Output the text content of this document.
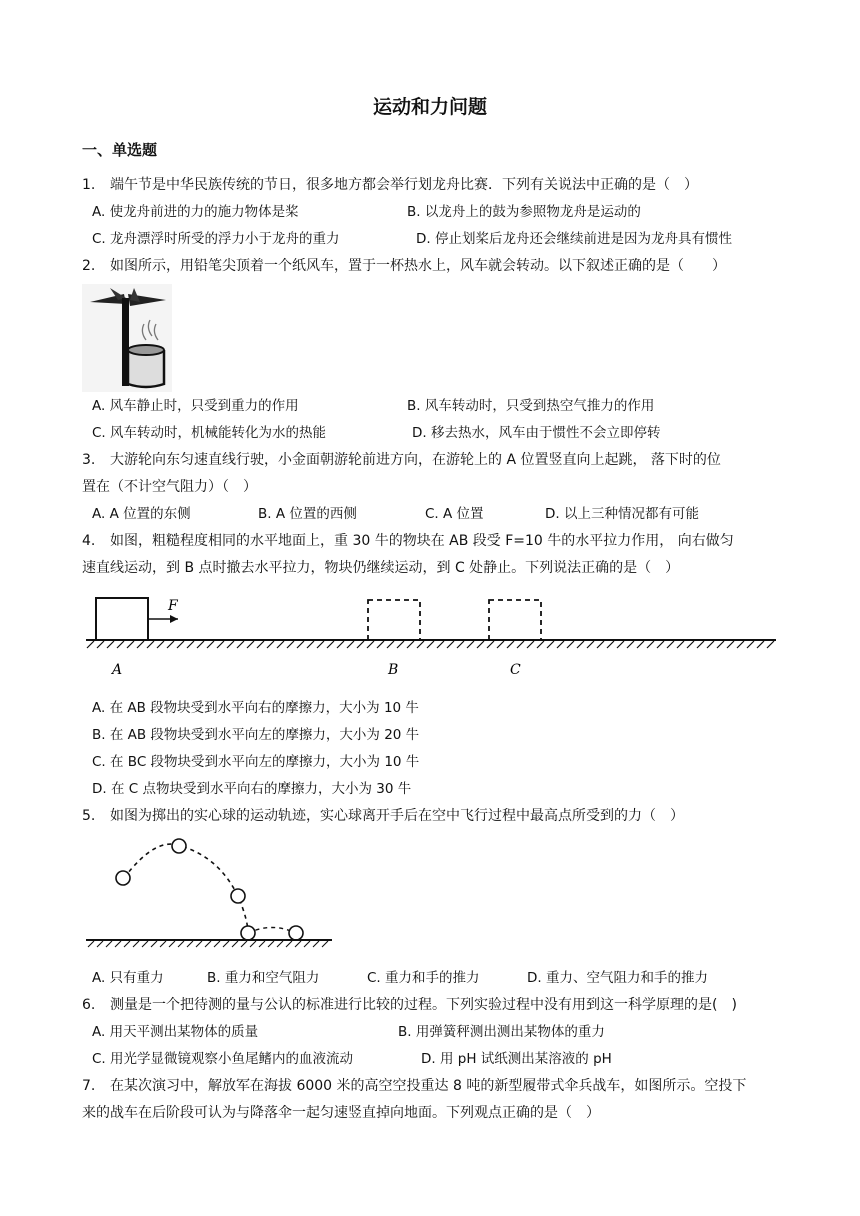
运动和力问题
一、单选题
1. 端午节是中华民族传统的节日，很多地方都会举行划龙舟比赛．下列有关说法中正确的是（　）
A. 使龙舟前进的力的施力物体是桨	B. 以龙舟上的鼓为参照物龙舟是运动的
C. 龙舟漂浮时所受的浮力小于龙舟的重力	D. 停止划桨后龙舟还会继续前进是因为龙舟具有惯性
2. 如图所示，用铅笔尖顶着一个纸风车，置于一杯热水上，风车就会转动。以下叙述正确的是（　　）
A. 风车静止时，只受到重力的作用	B. 风车转动时，只受到热空气推力的作用
C. 风车转动时，机械能转化为水的热能	D. 移去热水，风车由于惯性不会立即停转
3. 大游轮向东匀速直线行驶，小金面朝游轮前进方向，在游轮上的 A 位置竖直向上起跳， 落下时的位
置在（不计空气阻力）（　）
A. A 位置的东侧	B. A 位置的西侧	C. A 位置	D. 以上三种情况都有可能
4. 如图，粗糙程度相同的水平地面上，重 30 牛的物块在 AB 段受 F=10 牛的水平拉力作用， 向右做匀
速直线运动，到 B 点时撤去水平拉力，物块仍继续运动，到 C 处静止。下列说法正确的是（　）
F
A	B	C
A. 在 AB 段物块受到水平向右的摩擦力，大小为 10 牛
B. 在 AB 段物块受到水平向左的摩擦力，大小为 20 牛
C. 在 BC 段物块受到水平向左的摩擦力，大小为 10 牛
D. 在 C 点物块受到水平向右的摩擦力，大小为 30 牛
5. 如图为掷出的实心球的运动轨迹，实心球离开手后在空中飞行过程中最高点所受到的力（　）
A. 只有重力	B. 重力和空气阻力	C. 重力和手的推力	D. 重力、空气阻力和手的推力
6. 测量是一个把待测的量与公认的标准进行比较的过程。下列实验过程中没有用到这一科学原理的是(　)
A. 用天平测出某物体的质量	B. 用弹簧秤测出测出某物体的重力
C. 用光学显微镜观察小鱼尾鳍内的血液流动	D. 用 pH 试纸测出某溶液的 pH
7. 在某次演习中，解放军在海拔 6000 米的高空空投重达 8 吨的新型履带式伞兵战车，如图所示。空投下
来的战车在后阶段可认为与降落伞一起匀速竖直掉向地面。下列观点正确的是（　）
